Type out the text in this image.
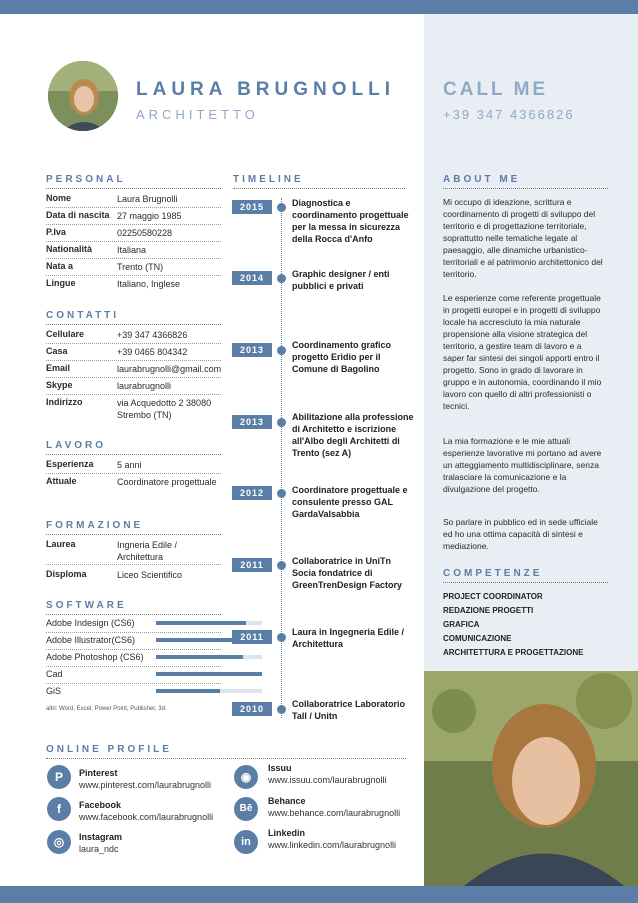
LAURA BRUGNOLLI
ARCHITETTO
CALL ME
+39 347 4366826
PERSONAL
Nome	Laura Brugnolli
Data di nascita 27 maggio 1985
P.Iva	02250580228
Nationalità	Italiana
Nata a	Trento (TN)
Lingue	Italiano, Inglese
CONTATTI
Cellulare	+39 347 4366826
Casa	+39 0465 804342
Email	laurabrugnolli@gmail.com
Skype	laurabrugnolli
Indirizzo	via Acquedotto 2 38080 Strembo (TN)
LAVORO
Esperienza	5 anni
Attuale	Coordinatore progettuale
FORMAZIONE
Laurea	Ingneria Edile / Architettura
Disploma	Liceo Scientifico
SOFTWARE
Adobe Indesign (CS6)
Adobe Illustrator(CS6)
Adobe Photoshop (CS6)
Cad
GiS
altri: Word, Excel, Power Point, Publisher, 3d.
TIMELINE
2015	Diagnostica e coordinamento progettuale per la messa in sicurezza della Rocca d'Anfo
2014	Graphic designer / enti pubblici e privati
2013	Coordinamento grafico progetto Eridio per il Comune di Bagolino
2013	Abilitazione alla professione di Architetto e iscrizione all'Albo degli Architetti di Trento (sez A)
2012	Coordinatore progettuale e consulente presso GAL GardaValsabbia
2011	Collaboratrice in UniTn Socia fondatrice di GreenTrenDesign Factory
2011	Laura in Ingegneria Edile / Architettura
2010	Collaboratrice Laboratorio Tall / Unitn
ABOUT ME

Mi occupo di ideazione, scrittura e coordinamento di progetti di sviluppo del territorio e di progettazione territoriale, soprattutto nelle tematiche legate al paesaggio, alle dinamiche urbanistico-territoriali e al patrimonio architettonico del territorio.

Le esperienze come referente progettuale in progetti europei e in progetti di sviluppo locale ha accresciuto la mia naturale propensione alla visione strategica del territorio, a gestire team di lavoro e a saper far sintesi dei singoli apporti entro il progetto. Sono in grado di lavorare in gruppo e in autonomia, coordinando il mio lavoro con quello di altri professionisti o tecnici.

La mia formazione e le mie attuali esperienze lavorative mi portano ad avere un atteggiamento multidisciplinare, senza tralasciare la comunicazione e la divulgazione del progetto.

So parlare in pubblico ed in sede ufficiale ed ho una ottima capacità di sintesi e mediazione.

COMPETENZE
PROJECT COORDINATOR
REDAZIONE PROGETTI
GRAFICA
COMUNICAZIONE
ARCHITETTURA E PROGETTAZIONE
ONLINE PROFILE
P	Pinterest
www.pinterest.com/laurabrugnolli
f	Facebook
www.facebook.com/laurabrugnolli
◎	Instagram
laura_ndc
◉
Issuu
www.issuu.com/laurabrugnolli
Bē
Behance
www.behance.com/laurabrugnolli
in
Linkedin
www.linkedin.com/laurabrugnolli
